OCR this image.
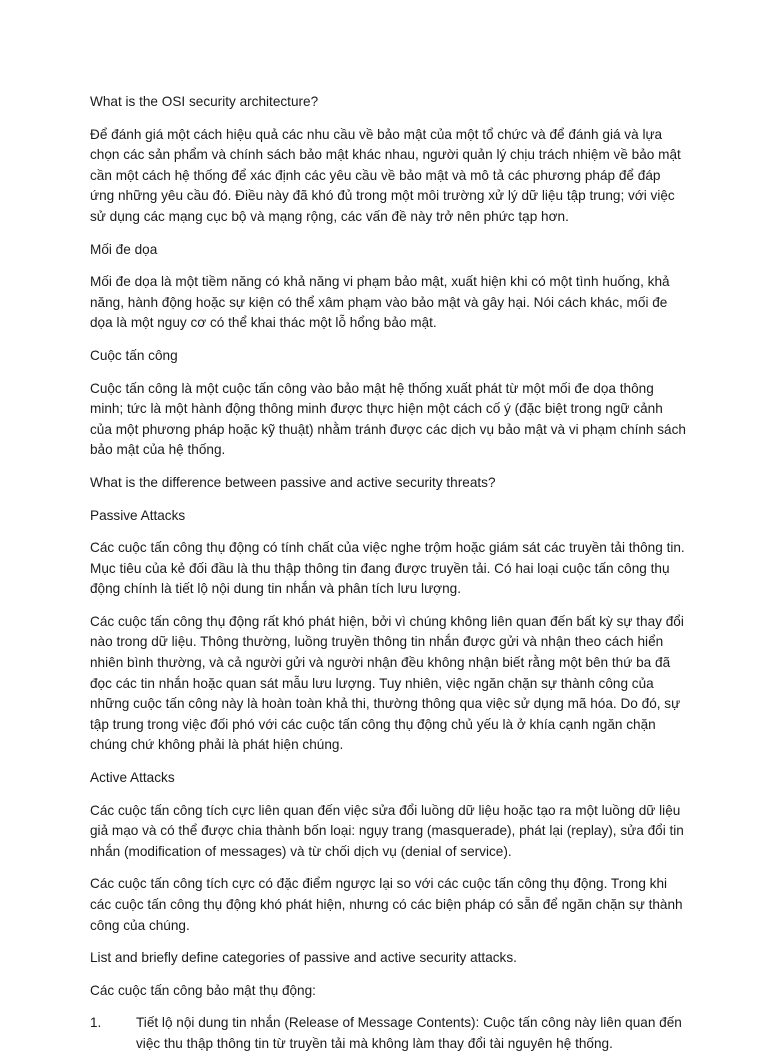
What is the OSI security architecture?

Để đánh giá một cách hiệu quả các nhu cầu về bảo mật của một tổ chức và để đánh giá và lựa chọn các sản phẩm và chính sách bảo mật khác nhau, người quản lý chịu trách nhiệm về bảo mật cần một cách hệ thống để xác định các yêu cầu về bảo mật và mô tả các phương pháp để đáp ứng những yêu cầu đó. Điều này đã khó đủ trong một môi trường xử lý dữ liệu tập trung; với việc sử dụng các mạng cục bộ và mạng rộng, các vấn đề này trở nên phức tạp hơn.

Mối đe dọa

Mối đe dọa là một tiềm năng có khả năng vi phạm bảo mật, xuất hiện khi có một tình huống, khả năng, hành động hoặc sự kiện có thể xâm phạm vào bảo mật và gây hại. Nói cách khác, mối đe dọa là một nguy cơ có thể khai thác một lỗ hổng bảo mật.

Cuộc tấn công

Cuộc tấn công là một cuộc tấn công vào bảo mật hệ thống xuất phát từ một mối đe dọa thông minh; tức là một hành động thông minh được thực hiện một cách cố ý (đặc biệt trong ngữ cảnh của một phương pháp hoặc kỹ thuật) nhằm tránh được các dịch vụ bảo mật và vi phạm chính sách bảo mật của hệ thống.

What is the difference between passive and active security threats?

Passive Attacks

Các cuộc tấn công thụ động có tính chất của việc nghe trộm hoặc giám sát các truyền tải thông tin. Mục tiêu của kẻ đối đầu là thu thập thông tin đang được truyền tải. Có hai loại cuộc tấn công thụ động chính là tiết lộ nội dung tin nhắn và phân tích lưu lượng.

Các cuộc tấn công thụ động rất khó phát hiện, bởi vì chúng không liên quan đến bất kỳ sự thay đổi nào trong dữ liệu. Thông thường, luồng truyền thông tin nhắn được gửi và nhận theo cách hiển nhiên bình thường, và cả người gửi và người nhận đều không nhận biết rằng một bên thứ ba đã đọc các tin nhắn hoặc quan sát mẫu lưu lượng. Tuy nhiên, việc ngăn chặn sự thành công của những cuộc tấn công này là hoàn toàn khả thi, thường thông qua việc sử dụng mã hóa. Do đó, sự tập trung trong việc đối phó với các cuộc tấn công thụ động chủ yếu là ở khía cạnh ngăn chặn chúng chứ không phải là phát hiện chúng.

Active Attacks

Các cuộc tấn công tích cực liên quan đến việc sửa đổi luồng dữ liệu hoặc tạo ra một luồng dữ liệu giả mạo và có thể được chia thành bốn loại: ngụy trang (masquerade), phát lại (replay), sửa đổi tin nhắn (modification of messages) và từ chối dịch vụ (denial of service).

Các cuộc tấn công tích cực có đặc điểm ngược lại so với các cuộc tấn công thụ động. Trong khi các cuộc tấn công thụ động khó phát hiện, nhưng có các biện pháp có sẵn để ngăn chặn sự thành công của chúng.

List and briefly define categories of passive and active security attacks.

Các cuộc tấn công bảo mật thụ động:

1.	Tiết lộ nội dung tin nhắn (Release of Message Contents): Cuộc tấn công này liên quan đến việc thu thập thông tin từ truyền tải mà không làm thay đổi tài nguyên hệ thống.
